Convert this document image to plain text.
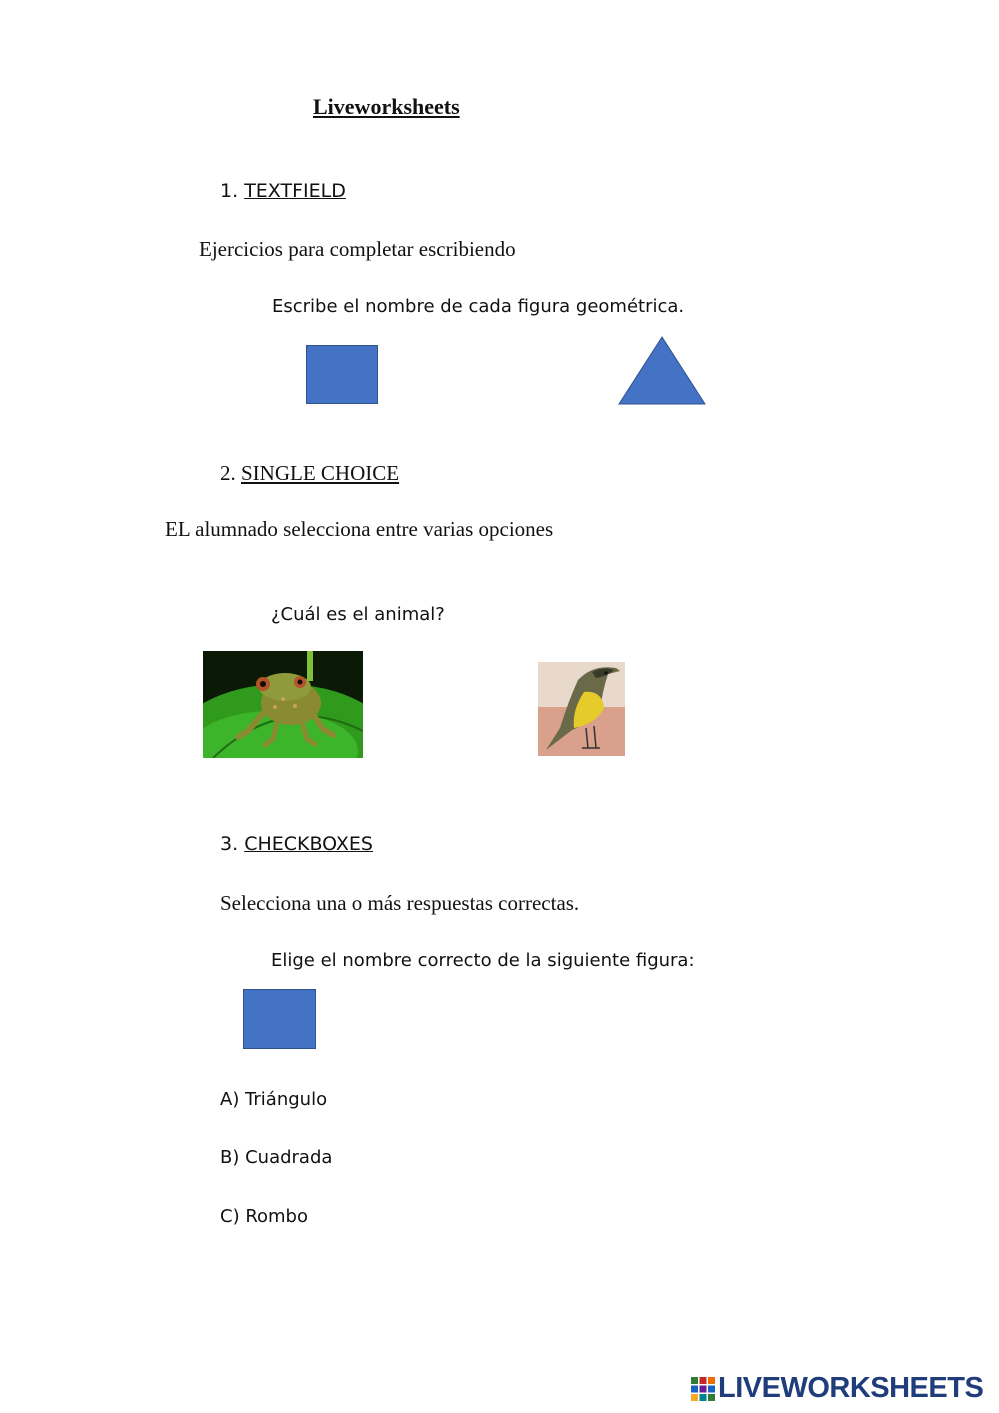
Liveworksheets
1. TEXTFIELD
Ejercicios para completar escribiendo
Escribe el nombre de cada figura geométrica.
2. SINGLE CHOICE
EL alumnado selecciona entre varias opciones
¿Cuál es el animal?
3. CHECKBOXES
Selecciona una o más respuestas correctas.
Elige el nombre correcto de la siguiente figura:
A) Triángulo
B) Cuadrada
C) Rombo
LIVEWORKSHEETS
